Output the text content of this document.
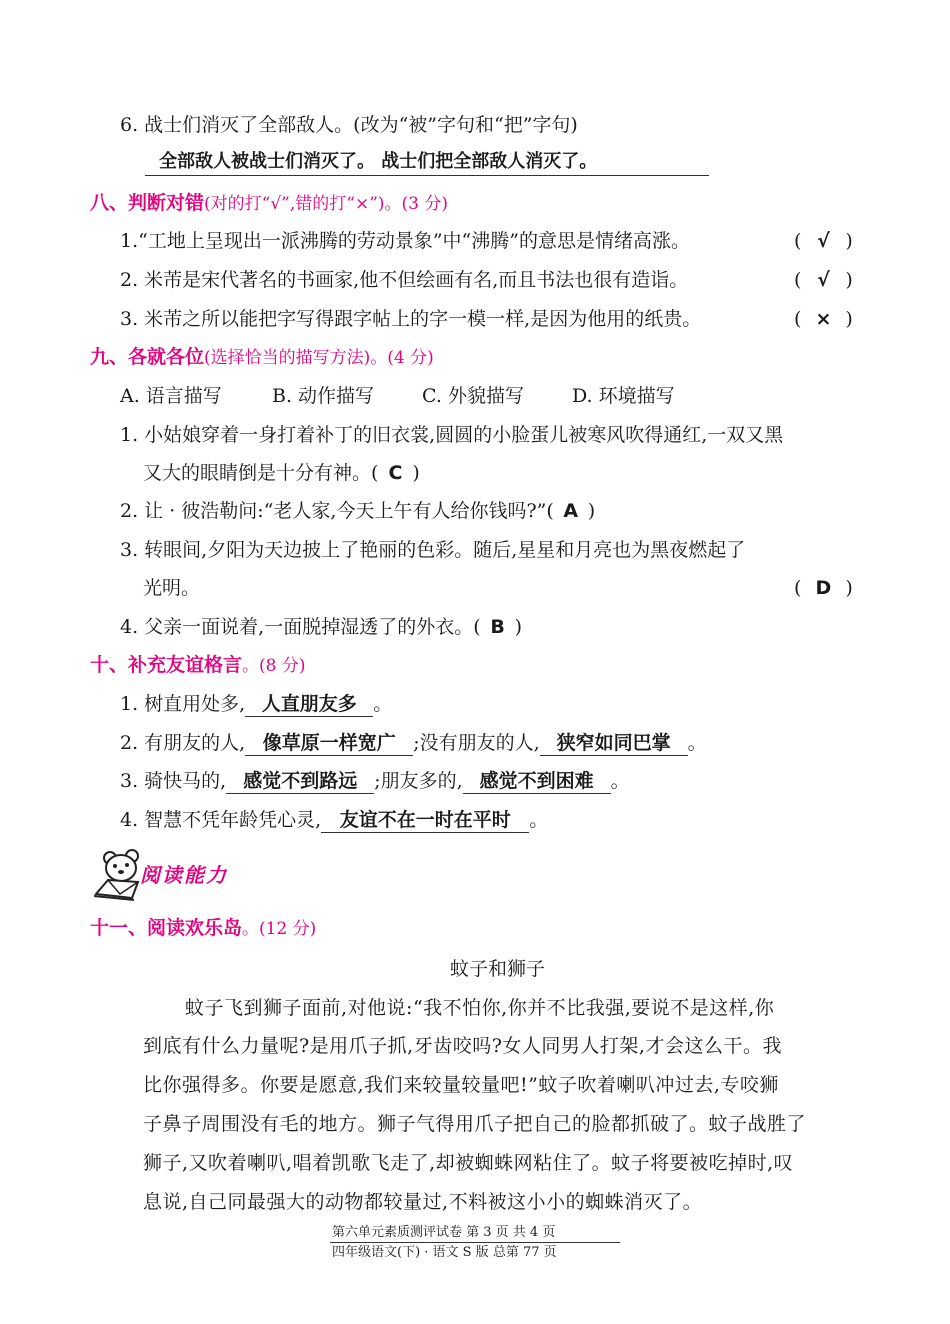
6. 战士们消灭了全部敌人。(改为“被”字句和“把”字句)
全部敌人被战士们消灭了。 战士们把全部敌人消灭了。
八、判断对错(对的打“√”,错的打“×”)。(3 分)
1.“工地上呈现出一派沸腾的劳动景象”中“沸腾”的意思是情绪高涨。	( √ )
2. 米芾是宋代著名的书画家,他不但绘画有名,而且书法也很有造诣。	( √ )
3. 米芾之所以能把字写得跟字帖上的字一模一样,是因为他用的纸贵。	( × )
九、各就各位(选择恰当的描写方法)。(4 分)
A. 语言描写	B. 动作描写	C. 外貌描写	D. 环境描写
1. 小姑娘穿着一身打着补丁的旧衣裳,圆圆的小脸蛋儿被寒风吹得通红,一双又黑
又大的眼睛倒是十分有神。( C )
2. 让 · 彼浩勒问:“老人家,今天上午有人给你钱吗?”( A )
3. 转眼间,夕阳为天边披上了艳丽的色彩。随后,星星和月亮也为黑夜燃起了
光明。	( D )
4. 父亲一面说着,一面脱掉湿透了的外衣。( B )
十、补充友谊格言。(8 分)
1. 树直用处多, 人直朋友多 。
2. 有朋友的人, 像草原一样宽广 ;没有朋友的人, 狭窄如同巴掌 。
3. 骑快马的, 感觉不到路远 ;朋友多的, 感觉不到困难 。
4. 智慧不凭年龄凭心灵, 友谊不在一时在平时 。
阅读能力
十一、阅读欢乐岛。(12 分)
蚊子和狮子
蚊子飞到狮子面前,对他说:“我不怕你,你并不比我强,要说不是这样,你
到底有什么力量呢?是用爪子抓,牙齿咬吗?女人同男人打架,才会这么干。我
比你强得多。你要是愿意,我们来较量较量吧!”蚊子吹着喇叭冲过去,专咬狮
子鼻子周围没有毛的地方。狮子气得用爪子把自己的脸都抓破了。蚊子战胜了
狮子,又吹着喇叭,唱着凯歌飞走了,却被蜘蛛网粘住了。蚊子将要被吃掉时,叹
息说,自己同最强大的动物都较量过,不料被这小小的蜘蛛消灭了。
第六单元素质测评试卷 第 3 页 共 4 页
四年级语文(下) · 语文 S 版 总第 77 页
